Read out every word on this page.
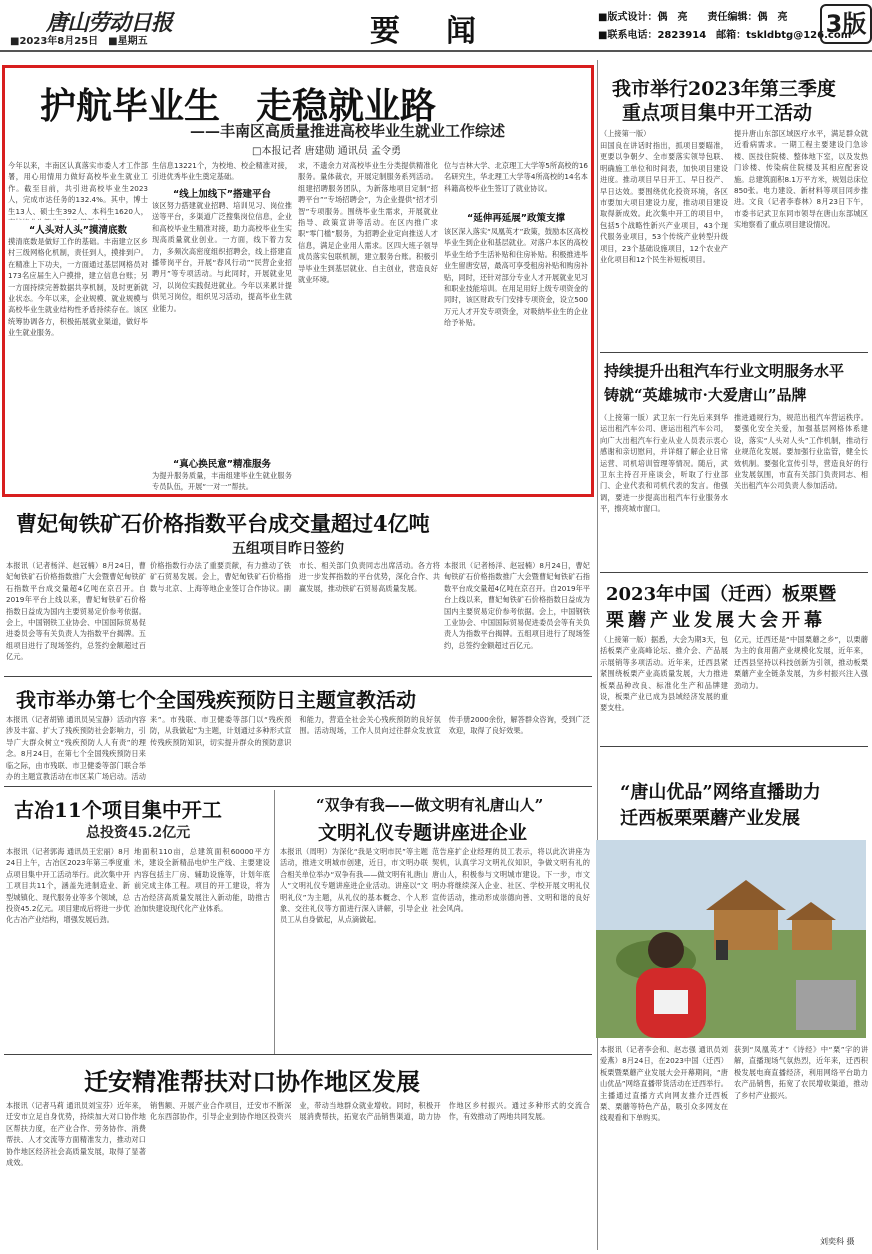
唐山劳动日报
■2023年8月25日　■星期五	要　闻	■版式设计：偶　亮　　责任编辑：偶　亮
■联系电话：2823914　邮箱：tskldbtg@126.com
3版
护航毕业生　走稳就业路
——丰南区高质量推进高校毕业生就业工作综述
□本报记者 唐建勋 通讯员 孟令勇
今年以来，丰南区认真落实市委人才工作部署，用心用情用力做好高校毕业生就业工作。截至目前，共引进高校毕业生2023人，完成市达任务的132.4%。其中，博士生13人、硕士生392人、本科生1620人，
“人头对人头”摸清底数
摸清底数是做好工作的基础。丰南建立区乡村三级网格化机制，责任到人，摸排到户。在精准上下功夫，一方面通过基层网格员对173名应届生入户摸排，建立信息台账；另一方面持续完善数据共享机制，及时更新就业状态。今年以来，企业规模、就业规模与高校毕业生就业结构性矛盾持续存在。该区统筹协调各方，积极拓展就业渠道，做好毕业生就业服务。
生信息13221个，为校地、校企精准对接，引进优秀毕业生奠定基础。
“线上加线下”搭建平台
该区努力搭建就业招聘、培训见习、岗位推送等平台，多渠道广泛搜集岗位信息，企业和高校毕业生精准对接，助力高校毕业生实现高质量就业创业。一方面，线下着力发力，多频次高密度组织招聘会，线上搭建直播带岗平台，开展“春风行动”“民营企业招聘月”等专项活动。与此同时，开展就业见习，以岗位实践促进就业。今年以来累计提供见习岗位，组织见习活动，提高毕业生就业能力。
“真心换民意”精准服务
为提升服务质量，丰南组建毕业生就业服务专员队伍，开展“一对一”帮扶。
求，不遗余力对高校毕业生分类提供精准化服务。量体裁衣，开展定制服务系列活动。组建招聘服务团队，为新落地项目定制“招聘平台”“专场招聘会”，为企业提供“招才引智”专项服务。围绕毕业生需求，开展就业指导、政策宣讲等活动。在区内推广求职“零门槛”服务，为招聘企业定向推送人才信息，满足企业用人需求。区四大班子领导成员落实包联机制，建立服务台账。积极引导毕业生到基层就业、自主创业，营造良好就业环境。
位与吉林大学、北京理工大学等5所高校的16名研究生，华北理工大学等4所高校的14名本科籍高校毕业生签订了就业协议。
“延伸再延展”政策支撑
该区深入落实“凤凰英才”政策，鼓励本区高校毕业生到企业和基层就业。对落户本区的高校毕业生给予生活补贴和住房补贴。积极推进毕业生留唐安居，最高可享受租房补贴和购房补贴，同时，还针对部分专业人才开展就业见习和职业技能培训。在用足用好上级专项资金的同时，该区财政专门安排专项资金，设立500万元人才开发专项资金，对吸纳毕业生的企业给予补贴。
我市举行2023年第三季度
重点项目集中开工活动
（上接第一版）
田国良在讲话时指出，抓项目要瞄准，更要以争朝夕、全市要落实领导包联、明确施工单位和时间表，加快项目建设进度。推动项目早日开工、早日投产、早日达效。要围绕优化投资环境，各区市要加大项目建设力度，推动项目建设取得新成效。此次集中开工的项目中，包括5个战略性新兴产业项目，43个现代服务业项目，53个传统产业转型升级项目，23个基础设施项目，12个农业产业化项目和12个民生补短板项目。
提升唐山东部区域医疗水平，满足群众就近看病需求。一期工程主要建设门急诊楼、医技住院楼、整体地下室，以及发热门诊楼、传染病住院楼及其相应配套设施。总建筑面积8.1万平方米，规划总床位850张。电力建设、新材料等项目同步推进。文良（记者李春林）8月23日下午，市委书记武卫东同市领导在唐山东部城区实地察看了重点项目建设情况。
持续提升出租汽车行业文明服务水平
铸就“英雄城市·大爱唐山”品牌
（上接第一版）武卫东一行先后来到华运出租汽车公司、唐运出租汽车公司，向广大出租汽车行业从业人员表示衷心感谢和亲切慰问，并详细了解企业日常运营、司机培训管理等情况。随后，武卫东主持召开座谈会，听取了行业部门、企业代表和司机代表的发言。他强调，要进一步提高出租汽车行业服务水平，擦亮城市窗口。
推进通规行为，规范出租汽车营运秩序。要强化安全关爱，加强基层网格体系建设，落实“人头对人头”工作机制，推动行业规范化发展。要加强行业监管，健全长效机制。要强化宣传引导，营造良好的行业发展氛围，市直有关部门负责同志、相关出租汽车公司负责人参加活动。
2023年中国（迁西）板栗暨
栗蘑产业发展大会开幕
（上接第一版）据悉，大会为期3天，包括板栗产业高峰论坛、推介会、产品展示展销等多项活动。近年来，迁西县紧紧围绕板栗产业高质量发展，大力推进板栗品种改良、标准化生产和品牌建设，板栗产业已成为县域经济发展的重要支柱。
亿元，迁西还是“中国栗蘑之乡”，以栗蘑为主的食用菌产业规模化发展，近年来，迁西县坚持以科技创新为引领，推动板栗栗蘑产业全链条发展，为乡村振兴注入强劲动力。
“唐山优品”网络直播助力
迁西板栗栗蘑产业发展
本报讯（记者李会和、赵志强 通讯员刘爱燕）8月24日，在2023中国（迁西）板栗暨栗蘑产业发展大会开幕期间，“唐山优品”网络直播带货活动在迁西举行。主播通过直播方式向网友推介迁西板栗、栗蘑等特色产品，吸引众多网友在线观看和下单购买。
获到“凤凰英才”《诗经》中“栗”字的讲解，直播现场气氛热烈，近年来，迁西积极发展电商直播经济，利用网络平台助力农产品销售，拓宽了农民增收渠道，推动了乡村产业振兴。
刘奕科 摄
曹妃甸铁矿石价格指数平台成交量超过4亿吨
五组项目昨日签约
本报讯（记者杨洋、赵冠楠）8月24日，曹妃甸铁矿石价格指数推广大会暨曹妃甸铁矿石指数平台成交量超4亿吨在京召开。自2019年平台上线以来，曹妃甸铁矿石价格指数日益成为国内主要贸易定价参考依据。会上，中国钢铁工业协会、中国国际贸易促进委员会等有关负责人为指数平台揭牌。五组项目进行了现场签约，总签约金额超过百亿元。
价格指数行办法了重要贡献，有力推动了铁矿石贸易发展。会上，曹妃甸铁矿石价格指数与北京、上海等地企业签订合作协议。副市长、相关部门负责同志出席活动。各方将进一步发挥指数的平台优势，深化合作、共赢发展，推动铁矿石贸易高质量发展。
本报讯（记者杨洋、赵冠楠）8月24日，曹妃甸铁矿石价格指数推广大会暨曹妃甸铁矿石指数平台成交量超4亿吨在京召开。自2019年平台上线以来，曹妃甸铁矿石价格指数日益成为国内主要贸易定价参考依据。会上，中国钢铁工业协会、中国国际贸易促进委员会等有关负责人为指数平台揭牌。五组项目进行了现场签约，总签约金额超过百亿元。
我市举办第七个全国残疾预防日主题宣教活动
本报讯（记者胡锦 通讯员吴宝静）活动内容涉及丰富、扩大了残疾预防社会影响力，引导广大群众树立“残疾预防人人有责”的理念。8月24日，在第七个全国残疾预防日来临之际，由市残联、市卫健委等部门联合举办的主题宣教活动在市区某广场启动。活动
来”。市残联、市卫健委等部门以“残疾预防，从我做起”为主题，计划通过多种形式宣传残疾预防知识，切实提升群众的预防意识和能力，营造全社会关心残疾预防的良好氛围。活动现场，工作人员向过往群众发放宣传手册2000余份，解答群众咨询，受到广泛欢迎，取得了良好效果。
古冶11个项目集中开工
总投资45.2亿元
本报讯（记者郭海 通讯员王宏丽）8月24日上午，古冶区2023年第三季度重点项目集中开工活动举行。此次集中开工项目共11个，涵盖先进制造业、新型城镇化、现代服务业等多个领域，总投资45.2亿元。项目建成后将进一步优化古冶产业结构，增强发展后劲。
地面积110亩，总建筑面积60000平方米，建设全新精品电炉生产线、主要建设内容包括主厂房、辅助设施等，计划年底前完成主体工程。项目的开工建设，将为古冶经济高质量发展注入新动能，助推古冶加快建设现代化产业体系。
“双争有我——做文明有礼唐山人”
文明礼仪专题讲座进企业
本报讯（周明）为深化“我是文明市民”等主题活动，推进文明城市创建，近日，市文明办联合相关单位举办“双争有我——做文明有礼唐山人”文明礼仪专题讲座进企业活动。讲座以“文明礼仪”为主题，从礼仪的基本概念、个人形象、交往礼仪等方面进行深入讲解，引导企业员工从自身做起，从点滴做起。
范告座扩企业经理的员工表示，将以此次讲座为契机，认真学习文明礼仪知识，争做文明有礼的唐山人，积极参与文明城市建设。下一步，市文明办将继续深入企业、社区、学校开展文明礼仪宣传活动，推动形成崇德向善、文明和谐的良好社会风尚。
迁安精准帮扶对口协作地区发展
本报讯（记者马莉 通讯员刘宝芬）近年来，迁安市立足自身优势，持续加大对口协作地区帮扶力度，在产业合作、劳务协作、消费帮扶、人才交流等方面精准发力，推动对口协作地区经济社会高质量发展，取得了显著成效。
销售额、开展产业合作项目，迁安市不断深化东西部协作，引导企业到协作地区投资兴业，带动当地群众就业增收。同时，积极开展消费帮扶，拓宽农产品销售渠道，助力协作地区乡村振兴。通过多种形式的交流合作，有效推动了两地共同发展。
